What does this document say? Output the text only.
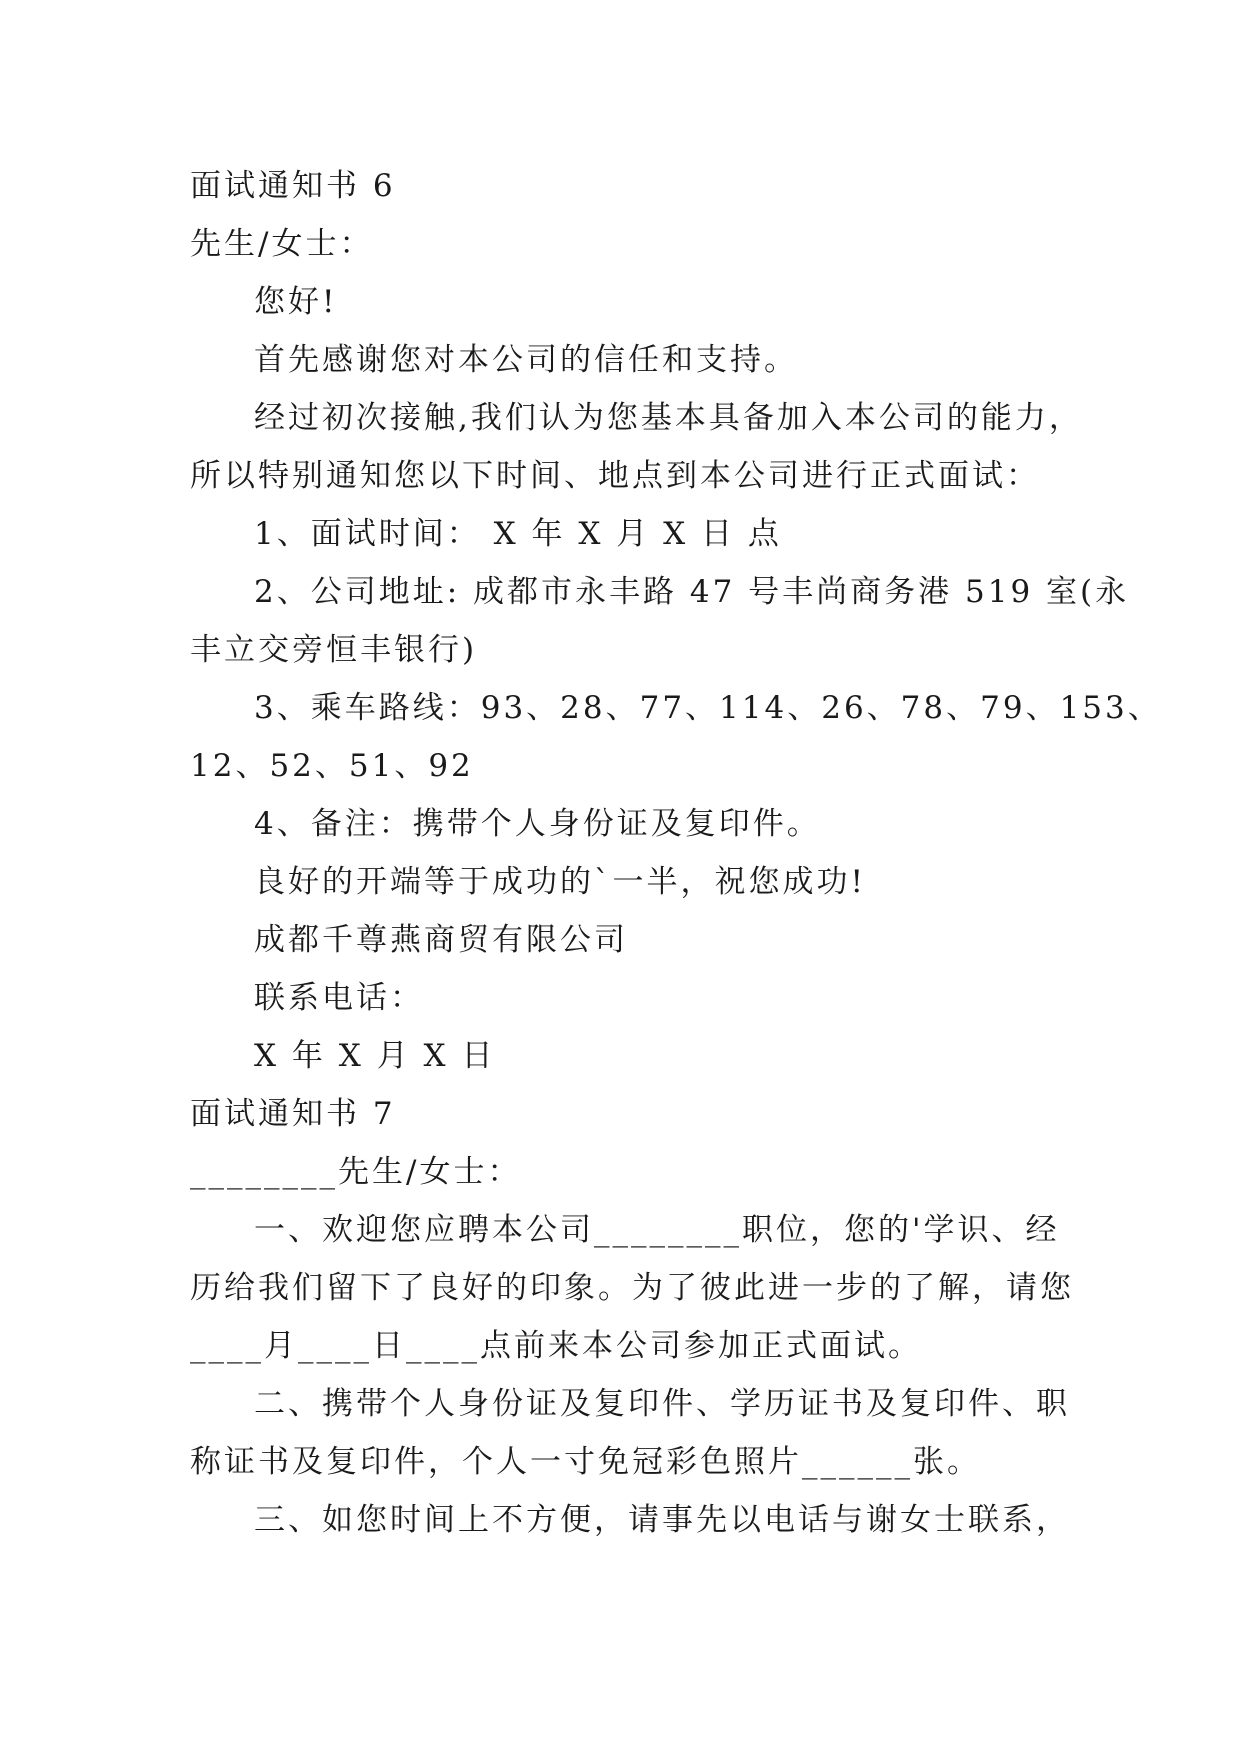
面试通知书 6

先生/女士：

您好!

首先感谢您对本公司的信任和支持。

经过初次接触,我们认为您基本具备加入本公司的能力，

所以特别通知您以下时间、地点到本公司进行正式面试：

1、面试时间： X 年 X 月 X 日 点

2、公司地址: 成都市永丰路 47 号丰尚商务港 519 室(永

丰立交旁恒丰银行)

3、乘车路线：93、28、77、114、26、78、79、153、

12、52、51、92

4、备注：携带个人身份证及复印件。

良好的开端等于成功的`一半，祝您成功!

成都千尊燕商贸有限公司

联系电话：

X 年 X 月 X 日

面试通知书 7

________先生/女士：

一、欢迎您应聘本公司________职位，您的'学识、经

历给我们留下了良好的印象。为了彼此进一步的了解，请您

____月____日____点前来本公司参加正式面试。

二、携带个人身份证及复印件、学历证书及复印件、职

称证书及复印件，个人一寸免冠彩色照片______张。

三、如您时间上不方便，请事先以电话与谢女士联系，
